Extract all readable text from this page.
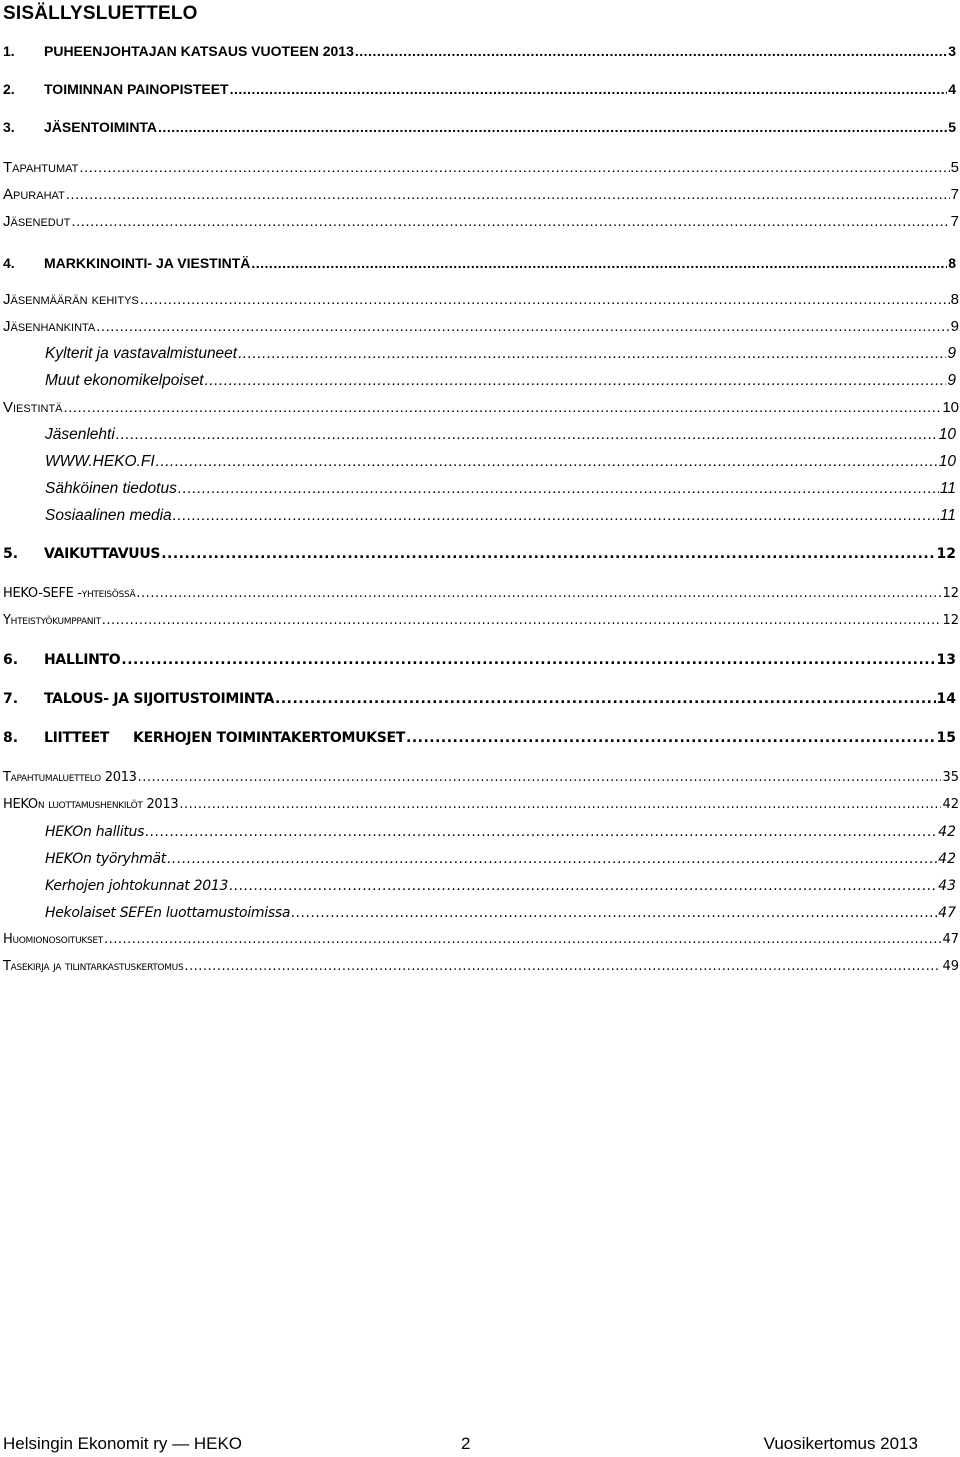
SISÄLLYSLUETTELO
1.	PUHEENJOHTAJAN KATSAUS VUOTEEN 2013 .....	3
2.	TOIMINNAN PAINOPISTEET .....	4
3.	JÄSENTOIMINTA .....	5
Tapahtumat .....	5
Apurahat .....	7
Jäsenedut .....	7
4.	MARKKINOINTI- JA VIESTINTÄ .....	8
Jäsenmäärän kehitys .....	8
Jäsenhankinta .....	9
Kylterit ja vastavalmistuneet .....	9
Muut ekonomikelpoiset .....	9
Viestintä .....	10
Jäsenlehti .....	10
WWW.HEKO.FI .....	10
Sähköinen tiedotus .....	11
Sosiaalinen media .....	11
5.	VAIKUTTAVUUS .....	12
HEKO-SEFE -yhteisössä .....	12
Yhteistyökumppanit .....	12
6.	HALLINTO .....	13
7.	TALOUS- JA SIJOITUSTOIMINTA .....	14
8.	LIITTEET KERHOJEN TOIMINTAKERTOMUKSET .....	15
Tapahtumaluettelo 2013 .....	35
HEKOn luottamushenkilöt 2013 .....	42
HEKOn hallitus .....	42
HEKOn työryhmät .....	42
Kerhojen johtokunnat 2013 .....	43
Hekolaiset SEFEn luottamustoimissa .....	47
Huomionosoitukset .....	47
Tasekirja ja tilintarkastuskertomus .....	49
Helsingin Ekonomit ry — HEKO	2	Vuosikertomus 2013
